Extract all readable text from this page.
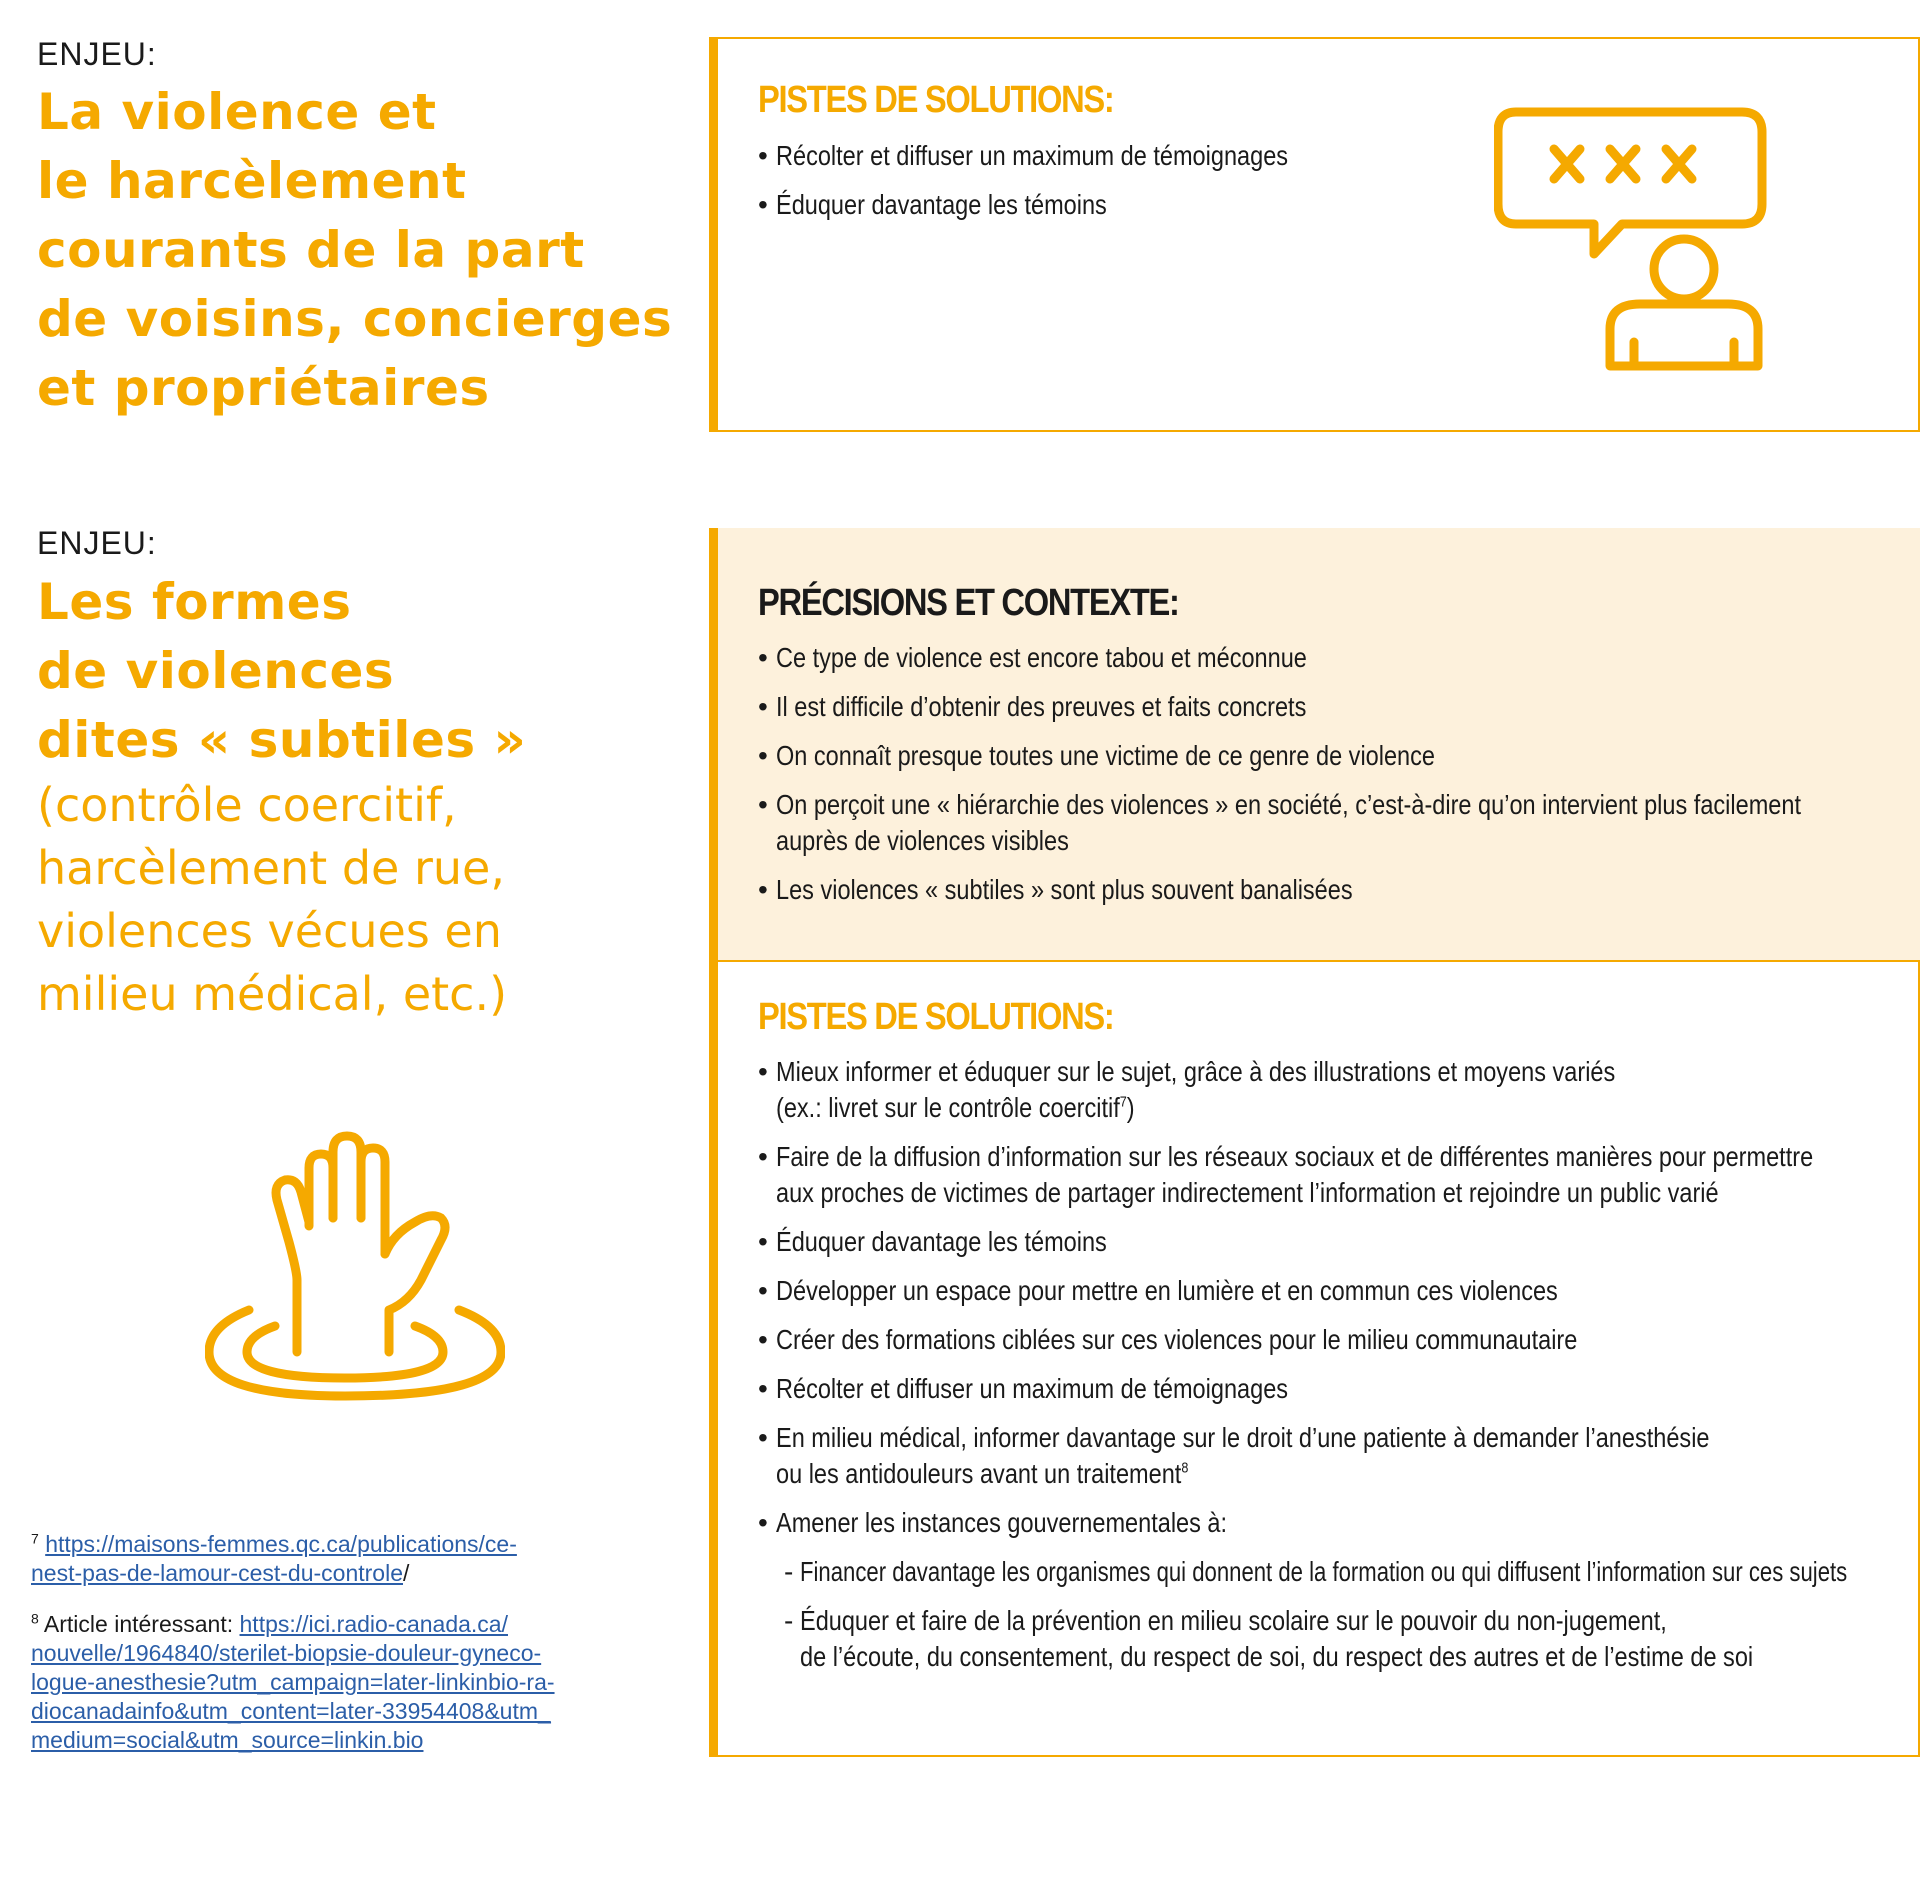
ENJEU:
La violence et
le harcèlement
courants de la part
de voisins, concierges
et propriétaires
PISTES DE SOLUTIONS:
• Récolter et diffuser un maximum de témoignages
• Éduquer davantage les témoins
ENJEU:
Les formes
de violences
dites « subtiles »

(contrôle coercitif,
harcèlement de rue,
violences vécues en
milieu médical, etc.)

PRÉCISIONS ET CONTEXTE:
• Ce type de violence est encore tabou et méconnue
• Il est difficile d’obtenir des preuves et faits concrets
• On connaît presque toutes une victime de ce genre de violence
• On perçoit une « hiérarchie des violences » en société, c’est-à-dire qu’on intervient plus facilement
auprès de violences visibles
• Les violences « subtiles » sont plus souvent banalisées
PISTES DE SOLUTIONS:
• Mieux informer et éduquer sur le sujet, grâce à des illustrations et moyens variés
(ex.: livret sur le contrôle coercitif$^7$)
• Faire de la diffusion d’information sur les réseaux sociaux et de différentes manières pour permettre
aux proches de victimes de partager indirectement l’information et rejoindre un public varié
• Éduquer davantage les témoins
• Développer un espace pour mettre en lumière et en commun ces violences
• Créer des formations ciblées sur ces violences pour le milieu communautaire
• Récolter et diffuser un maximum de témoignages
• En milieu médical, informer davantage sur le droit d’une patiente à demander l’anesthésie
ou les antidouleurs avant un traitement$^8$
• Amener les instances gouvernementales à:
- Financer davantage les organismes qui donnent de la formation ou qui diffusent l’information sur ces sujets
- Éduquer et faire de la prévention en milieu scolaire sur le pouvoir du non-jugement,
de l’écoute, du consentement, du respect de soi, du respect des autres et de l’estime de soi
$^7$ https://maisons-femmes.qc.ca/publications/ce-
nest-pas-de-lamour-cest-du-controle/
$^8$ Article intéressant: https://ici.radio-canada.ca/
nouvelle/1964840/sterilet-biopsie-douleur-gyneco-
logue-anesthesie?utm_campaign=later-linkinbio-ra-
diocanadainfo&utm_content=later-33954408&utm_
medium=social&utm_source=linkin.bio
